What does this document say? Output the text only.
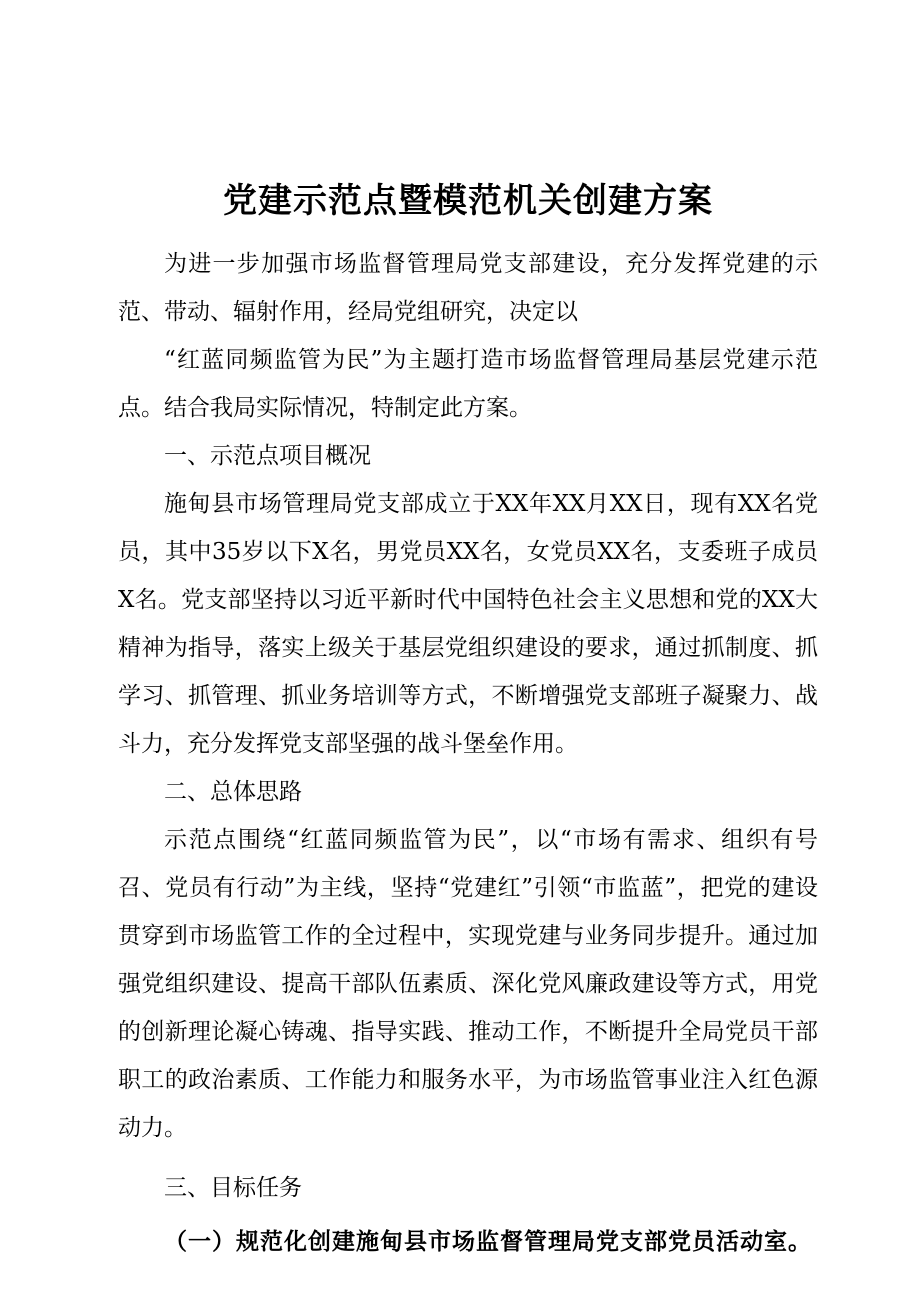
党建示范点暨模范机关创建方案

为进一步加强市场监督管理局党支部建设，充分发挥党建的示范、带动、辐射作用，经局党组研究，决定以

“红蓝同频监管为民”为主题打造市场监督管理局基层党建示范点。结合我局实际情况，特制定此方案。

一、示范点项目概况

施甸县市场管理局党支部成立于XX年XX月XX日，现有XX名党员，其中35岁以下X名，男党员XX名，女党员XX名，支委班子成员X名。党支部坚持以习近平新时代中国特色社会主义思想和党的XX大精神为指导，落实上级关于基层党组织建设的要求，通过抓制度、抓学习、抓管理、抓业务培训等方式，不断增强党支部班子凝聚力、战斗力，充分发挥党支部坚强的战斗堡垒作用。

二、总体思路

示范点围绕“红蓝同频监管为民”，以“市场有需求、组织有号召、党员有行动”为主线，坚持“党建红”引领“市监蓝”，把党的建设贯穿到市场监管工作的全过程中，实现党建与业务同步提升。通过加强党组织建设、提高干部队伍素质、深化党风廉政建设等方式，用党的创新理论凝心铸魂、指导实践、推动工作，不断提升全局党员干部职工的政治素质、工作能力和服务水平，为市场监管事业注入红色源动力。

三、目标任务

（一）规范化创建施甸县市场监督管理局党支部党员活动室。
